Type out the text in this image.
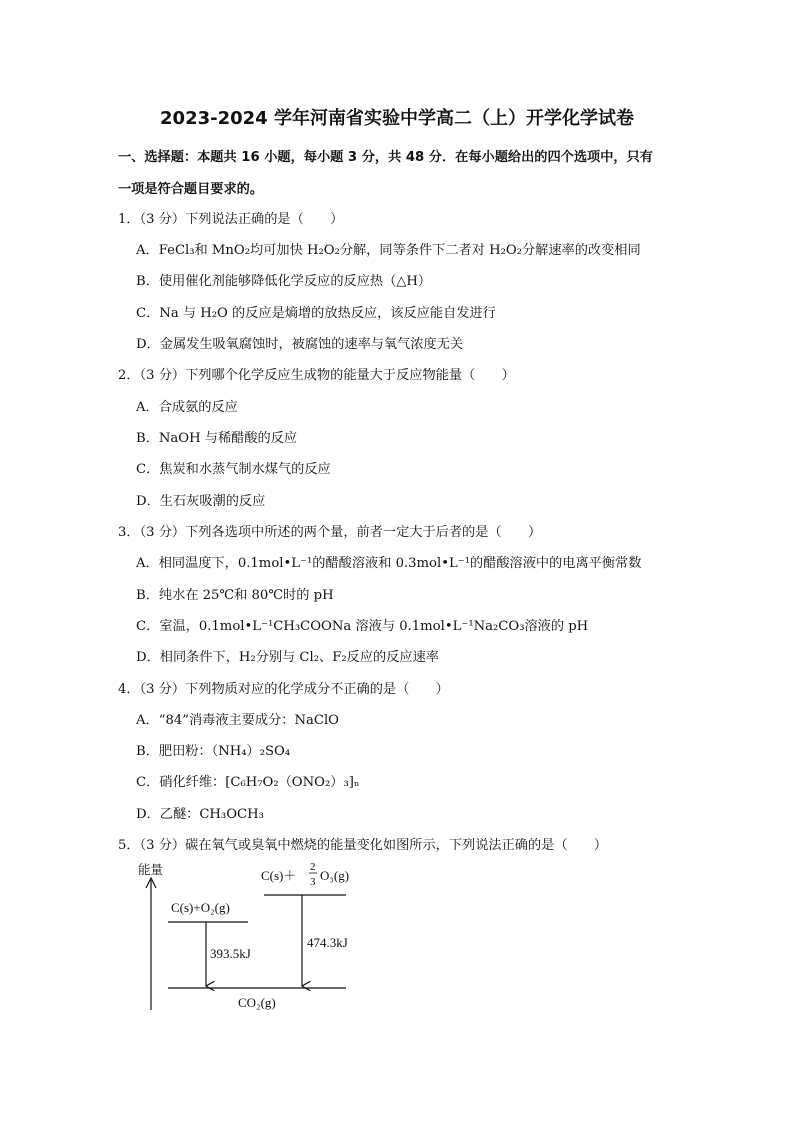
2023-2024 学年河南省实验中学高二（上）开学化学试卷
一、选择题：本题共 16 小题，每小题 3 分，共 48 分．在每小题给出的四个选项中，只有
一项是符合题目要求的。
1．（3 分）下列说法正确的是（　　）
A．FeCl₃和 MnO₂均可加快 H₂O₂分解，同等条件下二者对 H₂O₂分解速率的改变相同
B．使用催化剂能够降低化学反应的反应热（△H）
C．Na 与 H₂O 的反应是熵增的放热反应，该反应能自发进行
D．金属发生吸氧腐蚀时，被腐蚀的速率与氧气浓度无关
2．（3 分）下列哪个化学反应生成物的能量大于反应物能量（　　）
A．合成氨的反应
B．NaOH 与稀醋酸的反应
C．焦炭和水蒸气制水煤气的反应
D．生石灰吸潮的反应
3．（3 分）下列各选项中所述的两个量，前者一定大于后者的是（　　）
A．相同温度下，0.1mol•L⁻¹的醋酸溶液和 0.3mol•L⁻¹的醋酸溶液中的电离平衡常数
B．纯水在 25℃和 80℃时的 pH
C．室温，0.1mol•L⁻¹CH₃COONa 溶液与 0.1mol•L⁻¹Na₂CO₃溶液的 pH
D．相同条件下，H₂分别与 Cl₂、F₂反应的反应速率
4．（3 分）下列物质对应的化学成分不正确的是（　　）
A．“84”消毒液主要成分：NaClO
B．肥田粉：（NH₄）₂SO₄
C．硝化纤维：[C₆H₇O₂（ONO₂）₃]ₙ
D．乙醚：CH₃OCH₃
5．（3 分）碳在氧气或臭氧中燃烧的能量变化如图所示，下列说法正确的是（　　）
能量	C(s)＋
2
3 O₃(g)
C(s)+O₂(g)
CO₂(g)
393.5kJ
474.3kJ
